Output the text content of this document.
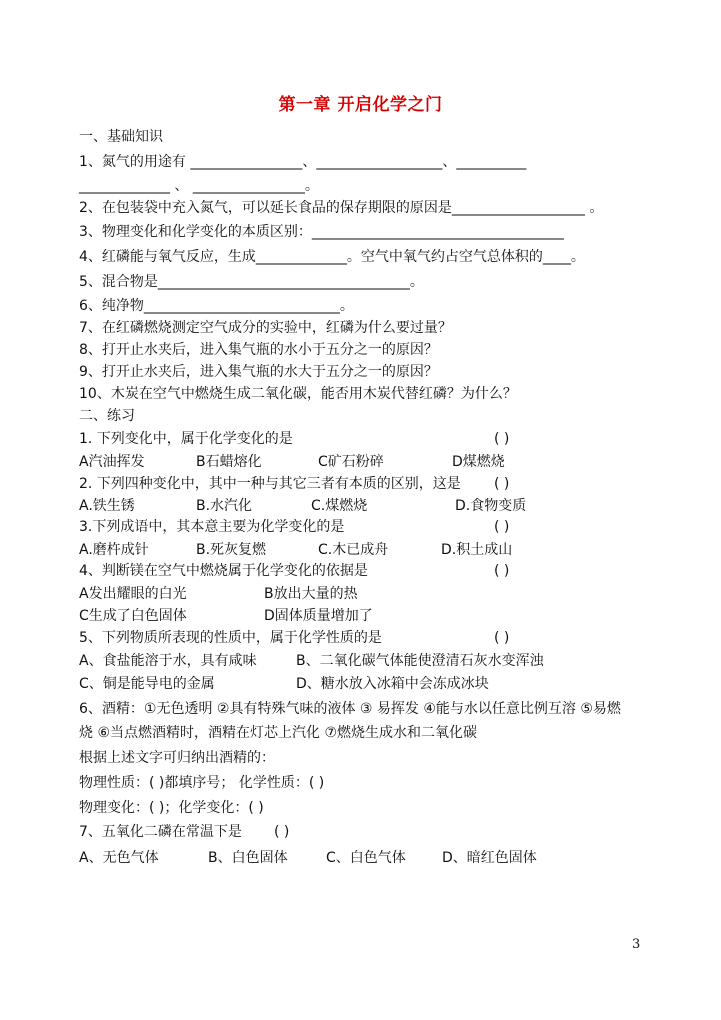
第一章 开启化学之门
一、基础知识
1、氮气的用途有 ________________、__________________、__________
_____________ 、 ________________。
2、在包装袋中充入氮气，可以延长食品的保存期限的原因是___________________ 。
3、物理变化和化学变化的本质区别：____________________________________
4、红磷能与氧气反应，生成_____________。空气中氧气约占空气总体积的____。
5、混合物是____________________________________。
6、纯净物____________________________。
7、在红磷燃烧测定空气成分的实验中，红磷为什么要过量？
8、打开止水夹后，进入集气瓶的水小于五分之一的原因？
9、打开止水夹后，进入集气瓶的水大于五分之一的原因？
10、木炭在空气中燃烧生成二氧化碳，能否用木炭代替红磷？为什么？
二、练习
1. 下列变化中，属于化学变化的是	( )
A汽油挥发	B石蜡熔化	C矿石粉碎	D煤燃烧
2. 下列四种变化中，其中一种与其它三者有本质的区别，这是 ( )
A.铁生锈	B.水汽化	C.煤燃烧	D.食物变质
3.下列成语中，其本意主要为化学变化的是	( )
A.磨杵成针	B.死灰复燃	C.木已成舟	D.积土成山
4、判断镁在空气中燃烧属于化学变化的依据是	( )
A发出耀眼的白光	B放出大量的热
C生成了白色固体	D固体质量增加了
5、下列物质所表现的性质中，属于化学性质的是	( )
A、食盐能溶于水，具有咸味	B、二氧化碳气体能使澄清石灰水变浑浊
C、铜是能导电的金属	D、糖水放入冰箱中会冻成冰块
6、酒精：①无色透明 ②具有特殊气味的液体 ③ 易挥发 ④能与水以任意比例互溶 ⑤易燃
烧 ⑥当点燃酒精时，酒精在灯芯上汽化 ⑦燃烧生成水和二氧化碳
根据上述文字可归纳出酒精的：
物理性质：( )都填序号； 化学性质：( )
物理变化：( )；化学变化：( )
7、五氧化二磷在常温下是 ( )
A、无色气体	B、白色固体	C、白色气体	D、暗红色固体
3
